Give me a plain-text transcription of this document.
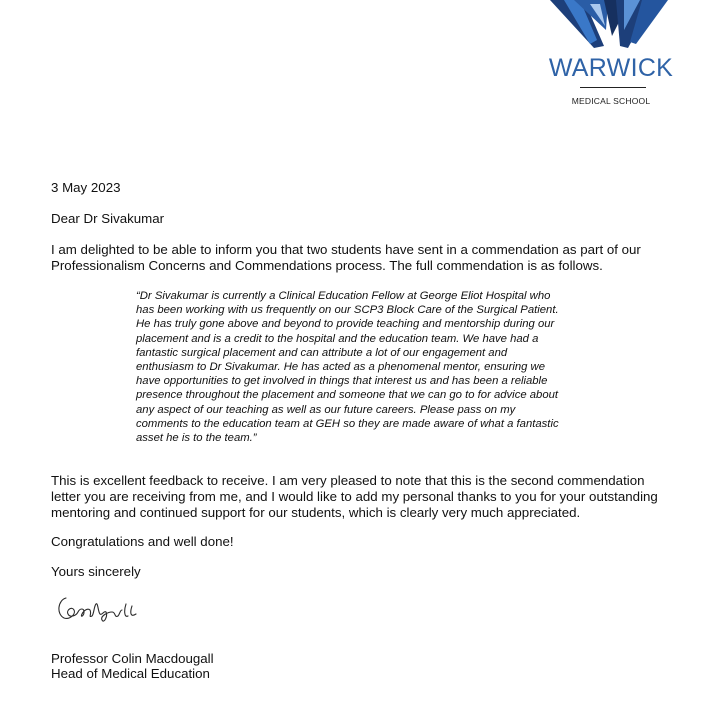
WARWICK
MEDICAL SCHOOL

3 May 2023

Dear Dr Sivakumar

I am delighted to be able to inform you that two students have sent in a commendation as part of our Professionalism Concerns and Commendations process. The full commendation is as follows.

“Dr Sivakumar is currently a Clinical Education Fellow at George Eliot Hospital who has been working with us frequently on our SCP3 Block Care of the Surgical Patient. He has truly gone above and beyond to provide teaching and mentorship during our placement and is a credit to the hospital and the education team. We have had a fantastic surgical placement and can attribute a lot of our engagement and enthusiasm to Dr Sivakumar. He has acted as a phenomenal mentor, ensuring we have opportunities to get involved in things that interest us and has been a reliable presence throughout the placement and someone that we can go to for advice about any aspect of our teaching as well as our future careers. Please pass on my comments to the education team at GEH so they are made aware of what a fantastic asset he is to the team.”

This is excellent feedback to receive. I am very pleased to note that this is the second commendation letter you are receiving from me, and I would like to add my personal thanks to you for your outstanding mentoring and continued support for our students, which is clearly very much appreciated.

Congratulations and well done!

Yours sincerely

Professor Colin Macdougall

Head of Medical Education
